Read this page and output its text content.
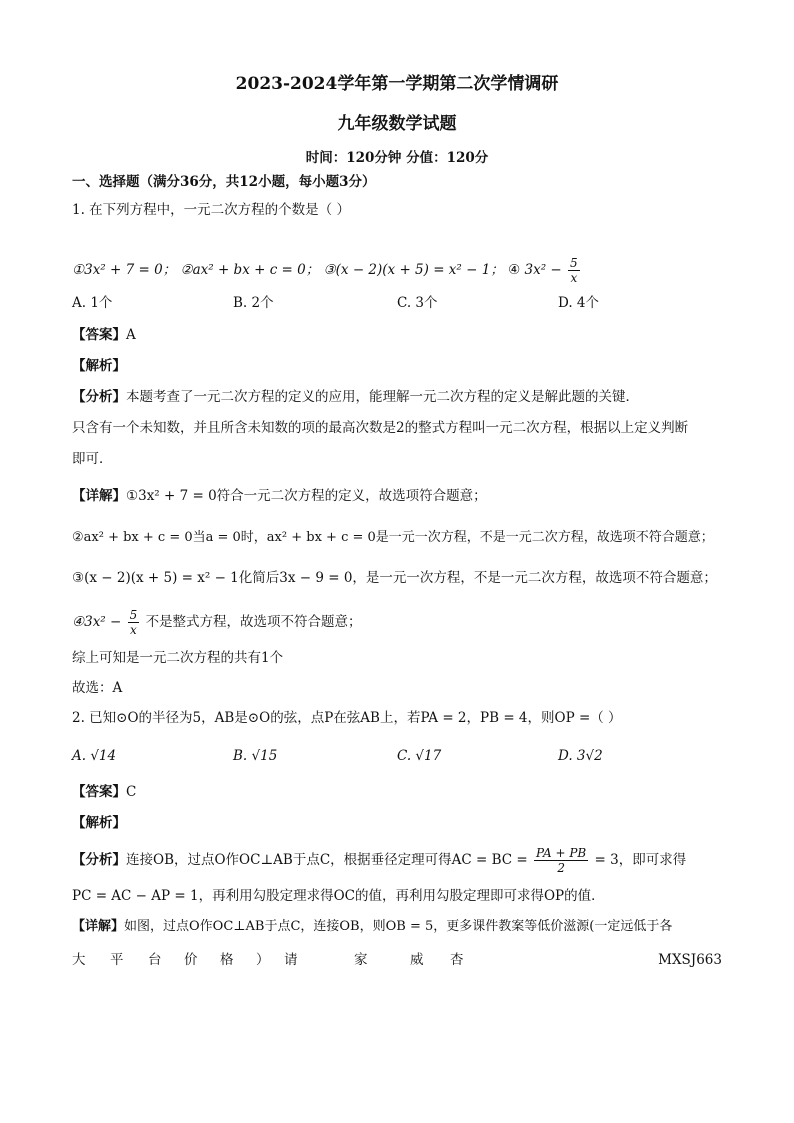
2023-2024学年第一学期第二次学情调研
九年级数学试题
时间：120分钟 分值：120分
一、选择题（满分36分，共12小题，每小题3分）
1. 在下列方程中，一元二次方程的个数是（ ）
①3x² + 7 = 0； ②ax² + bx + c = 0； ③(x − 2)(x + 5) = x² − 1； ④ $3x^2 - \frac{5}{x}$
A. 1个	B. 2个	C. 3个	D. 4个
【答案】A
【解析】
【分析】本题考查了一元二次方程的定义的应用，能理解一元二次方程的定义是解此题的关键．
只含有一个未知数，并且所含未知数的项的最高次数是2的整式方程叫一元二次方程，根据以上定义判断
即可．
【详解】①3x² + 7 = 0符合一元二次方程的定义，故选项符合题意；
②ax² + bx + c = 0当a = 0时，ax² + bx + c = 0是一元一次方程，不是一元二次方程，故选项不符合题意；
③(x − 2)(x + 5) = x² − 1化简后3x − 9 = 0，是一元一次方程，不是一元二次方程，故选项不符合题意；
④3x² − $\frac{5}{x}$ 不是整式方程，故选项不符合题意；
综上可知是一元二次方程的共有1个
故选：A
2. 已知⊙O的半径为5，AB是⊙O的弦，点P在弦AB上，若PA = 2，PB = 4，则OP =（ ）
A. √14	B. √15	C. √17	D. 3√2
【答案】C
【解析】
【分析】连接OB，过点O作OC⊥AB于点C，根据垂径定理可得AC = BC = $\frac{PA + PB}{2} = 3$，即可求得
PC = AC − AP = 1，再利用勾股定理求得OC的值，再利用勾股定理即可求得OP的值．
【详解】如图，过点O作OC⊥AB于点C，连接OB，则OB = 5，更多课件教案等低价滋源(一定远低于各
大 平 台 价 格 ） 请	家	威 杏	MXSJ663
